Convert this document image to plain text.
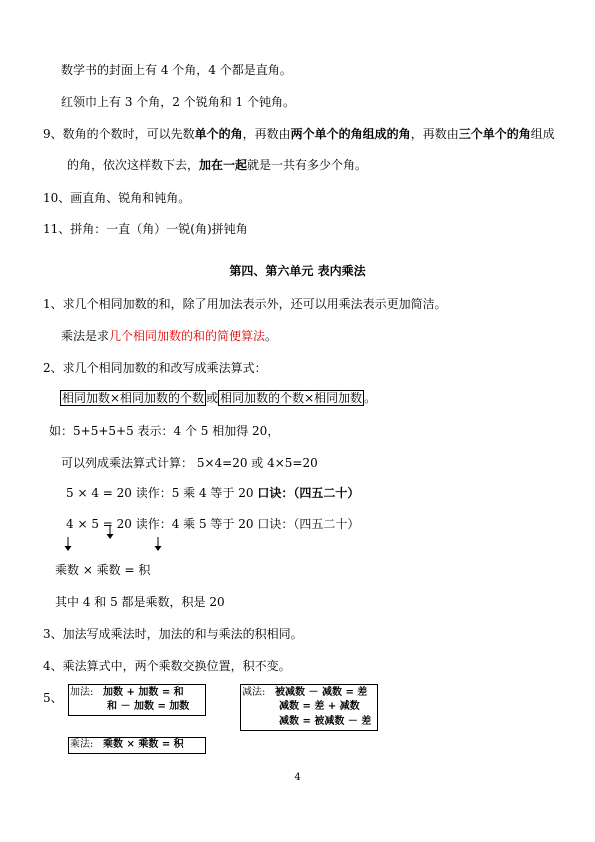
数学书的封面上有 4 个角，4 个都是直角。
红领巾上有 3 个角，2 个锐角和 1 个钝角。
9、数角的个数时，可以先数单个的角，再数由两个单个的角组成的角，再数由三个单个的角组成
的角，依次这样数下去，加在一起就是一共有多少个角。
10、画直角、锐角和钝角。
11、拼角：一直（角）一锐(角)拼钝角
第四、第六单元 表内乘法
1、求几个相同加数的和，除了用加法表示外，还可以用乘法表示更加简洁。
乘法是求几个相同加数的和的简便算法。
2、求几个相同加数的和改写成乘法算式：
相同加数×相同加数的个数 或 相同加数的个数×相同加数 。
如：5+5+5+5 表示：4 个 5 相加得 20，
可以列成乘法算式计算： 5×4=20 或 4×5=20
5 × 4 = 20 读作：5 乘 4 等于 20 口诀：（四五二十）
4 × 5 = 20 读作：4 乘 5 等于 20 口诀：（四五二十）
乘数 × 乘数 = 积
其中 4 和 5 都是乘数，积是 20
3、加法写成乘法时，加法的和与乘法的积相同。
4、乘法算式中，两个乘数交换位置，积不变。
5、 加法: 加数 + 加数 = 和
和 － 加数 = 加数
减法: 被减数 － 减数 = 差
减数 = 差 + 减数
减数 = 被减数 － 差
乘法: 乘数 × 乘数 = 积
4
